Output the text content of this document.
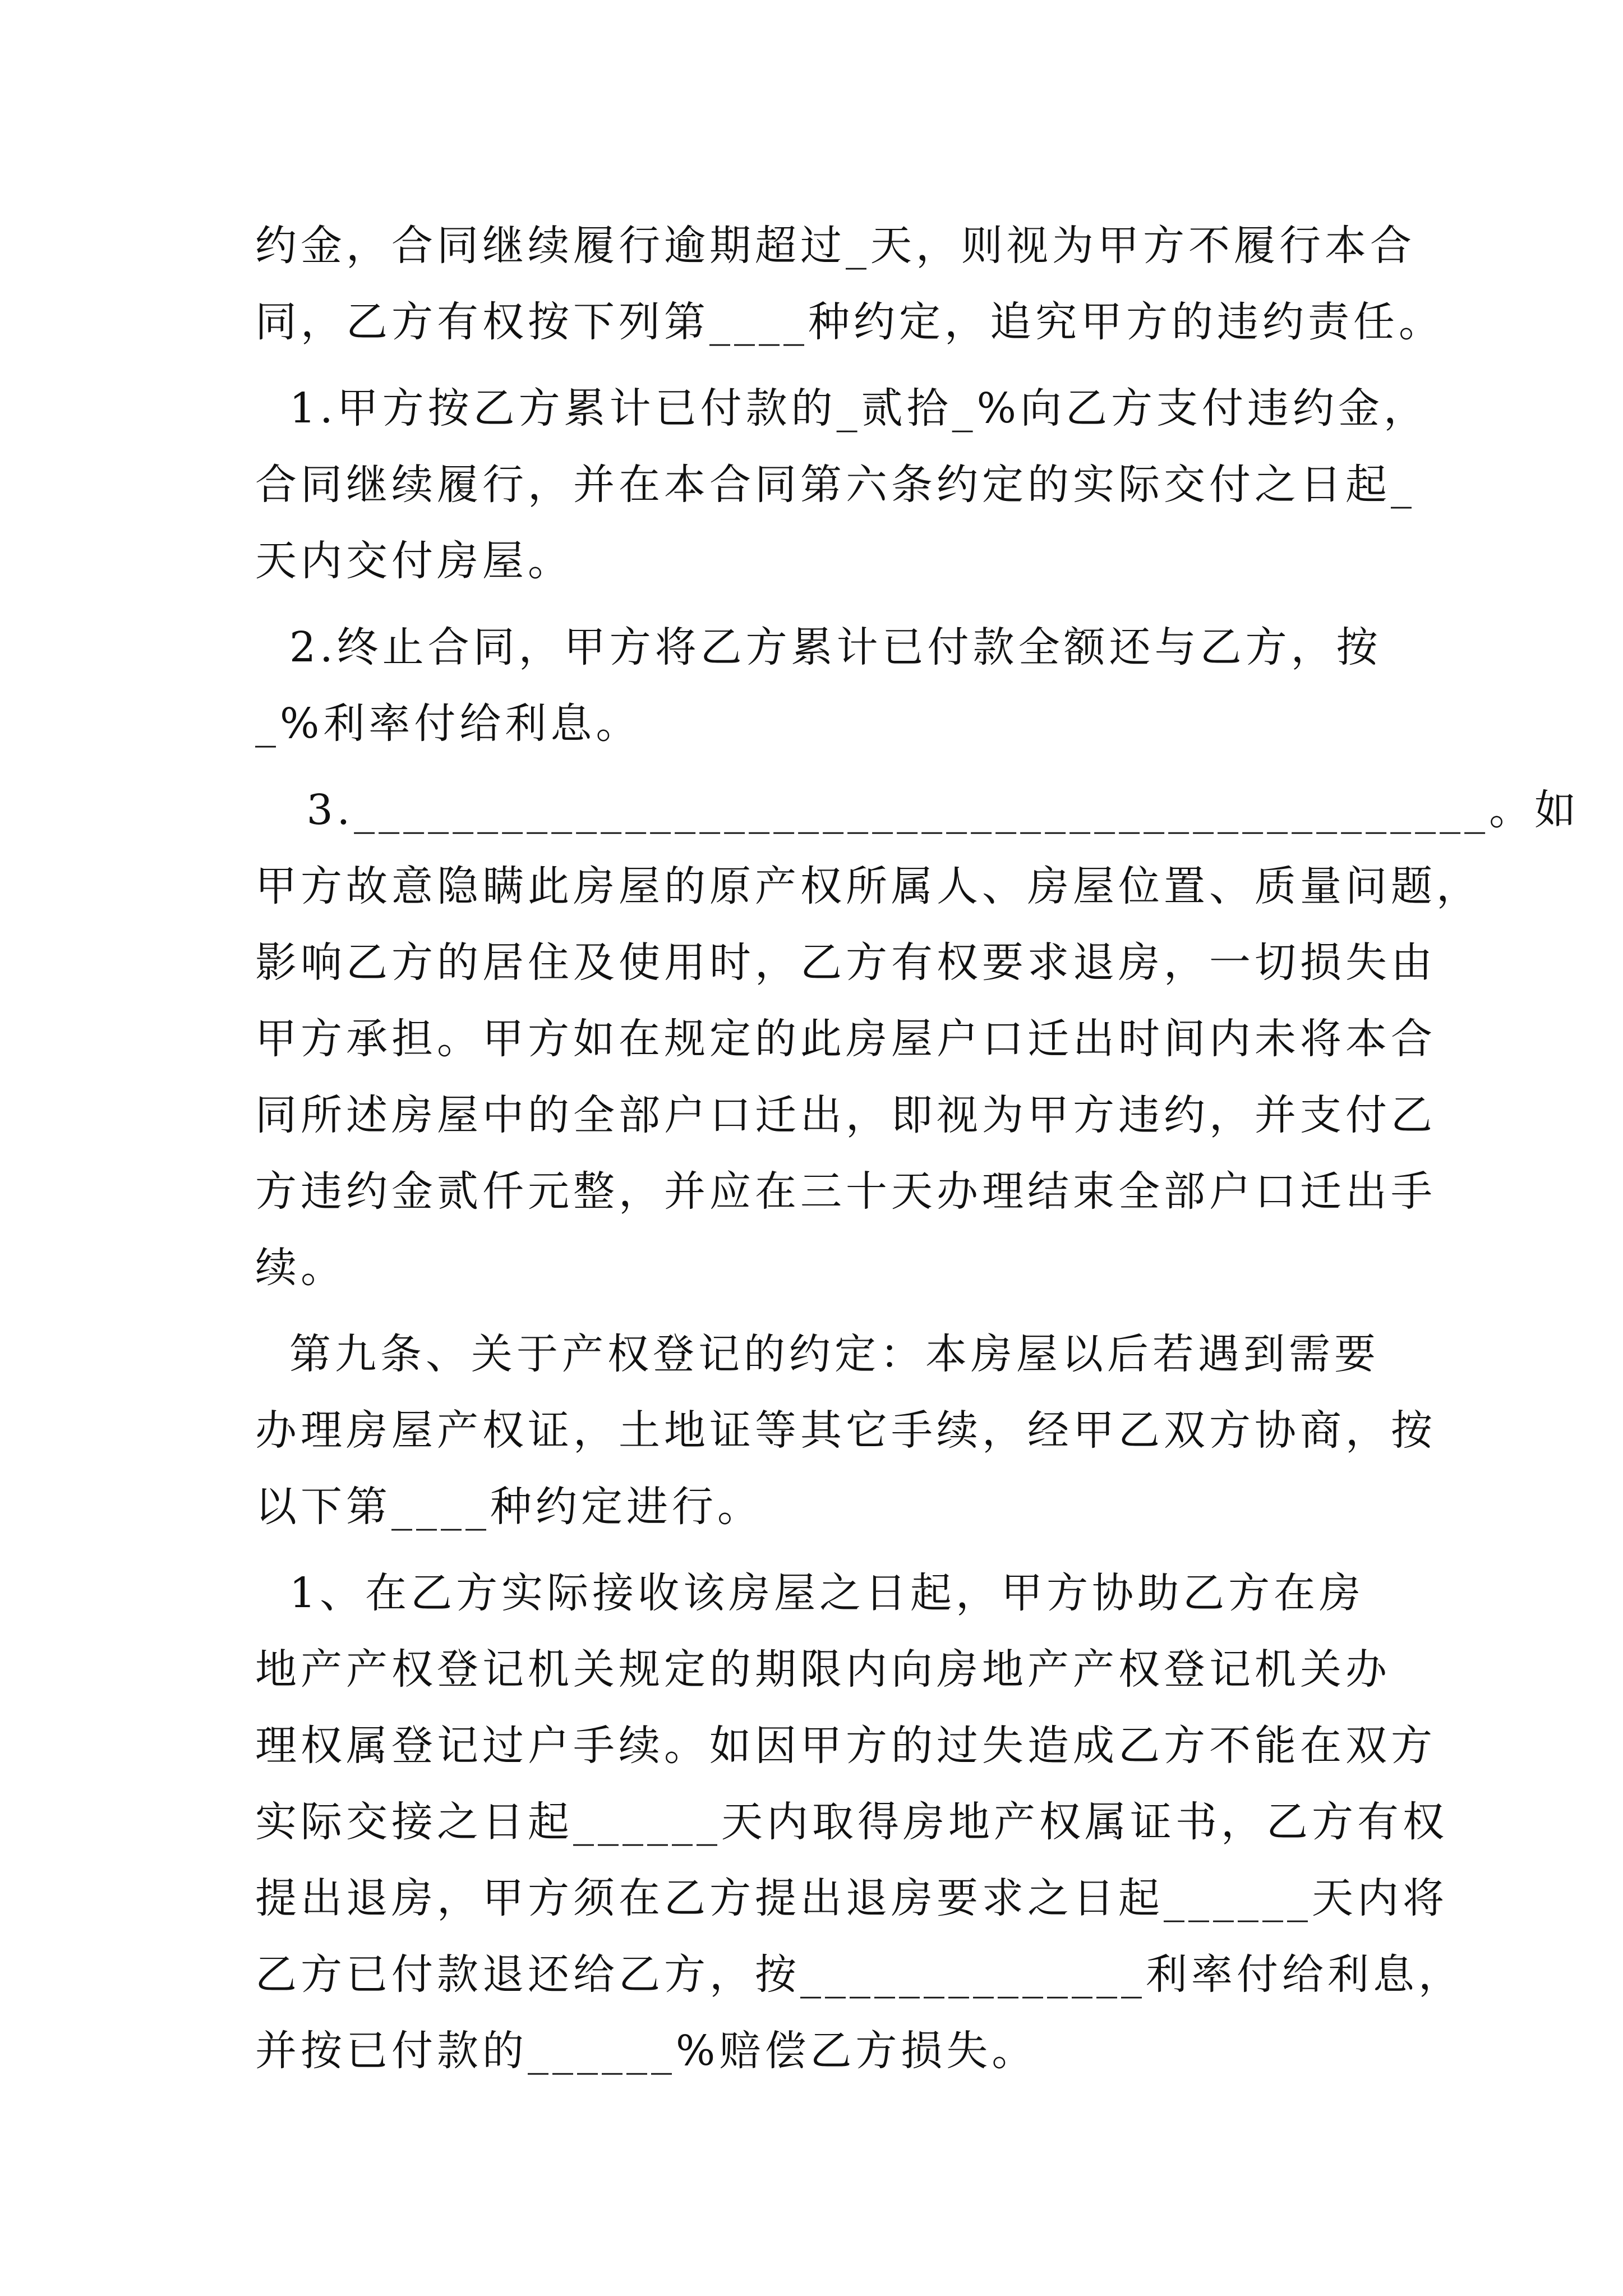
约金，合同继续履行逾期超过_天，则视为甲方不履行本合
同，乙方有权按下列第____种约定，追究甲方的违约责任。
1.甲方按乙方累计已付款的_贰拾_%向乙方支付违约金，
合同继续履行，并在本合同第六条约定的实际交付之日起_
天内交付房屋。
2.终止合同，甲方将乙方累计已付款全额还与乙方，按
_%利率付给利息。
3.______________________________________________。如
甲方故意隐瞒此房屋的原产权所属人、房屋位置、质量问题，
影响乙方的居住及使用时，乙方有权要求退房，一切损失由
甲方承担。甲方如在规定的此房屋户口迁出时间内未将本合
同所述房屋中的全部户口迁出，即视为甲方违约，并支付乙
方违约金贰仟元整，并应在三十天办理结束全部户口迁出手
续。
第九条、关于产权登记的约定：本房屋以后若遇到需要
办理房屋产权证，土地证等其它手续，经甲乙双方协商，按
以下第____种约定进行。
1、在乙方实际接收该房屋之日起，甲方协助乙方在房
地产产权登记机关规定的期限内向房地产产权登记机关办
理权属登记过户手续。如因甲方的过失造成乙方不能在双方
实际交接之日起______天内取得房地产权属证书，乙方有权
提出退房，甲方须在乙方提出退房要求之日起______天内将
乙方已付款退还给乙方，按______________利率付给利息，
并按已付款的______%赔偿乙方损失。
